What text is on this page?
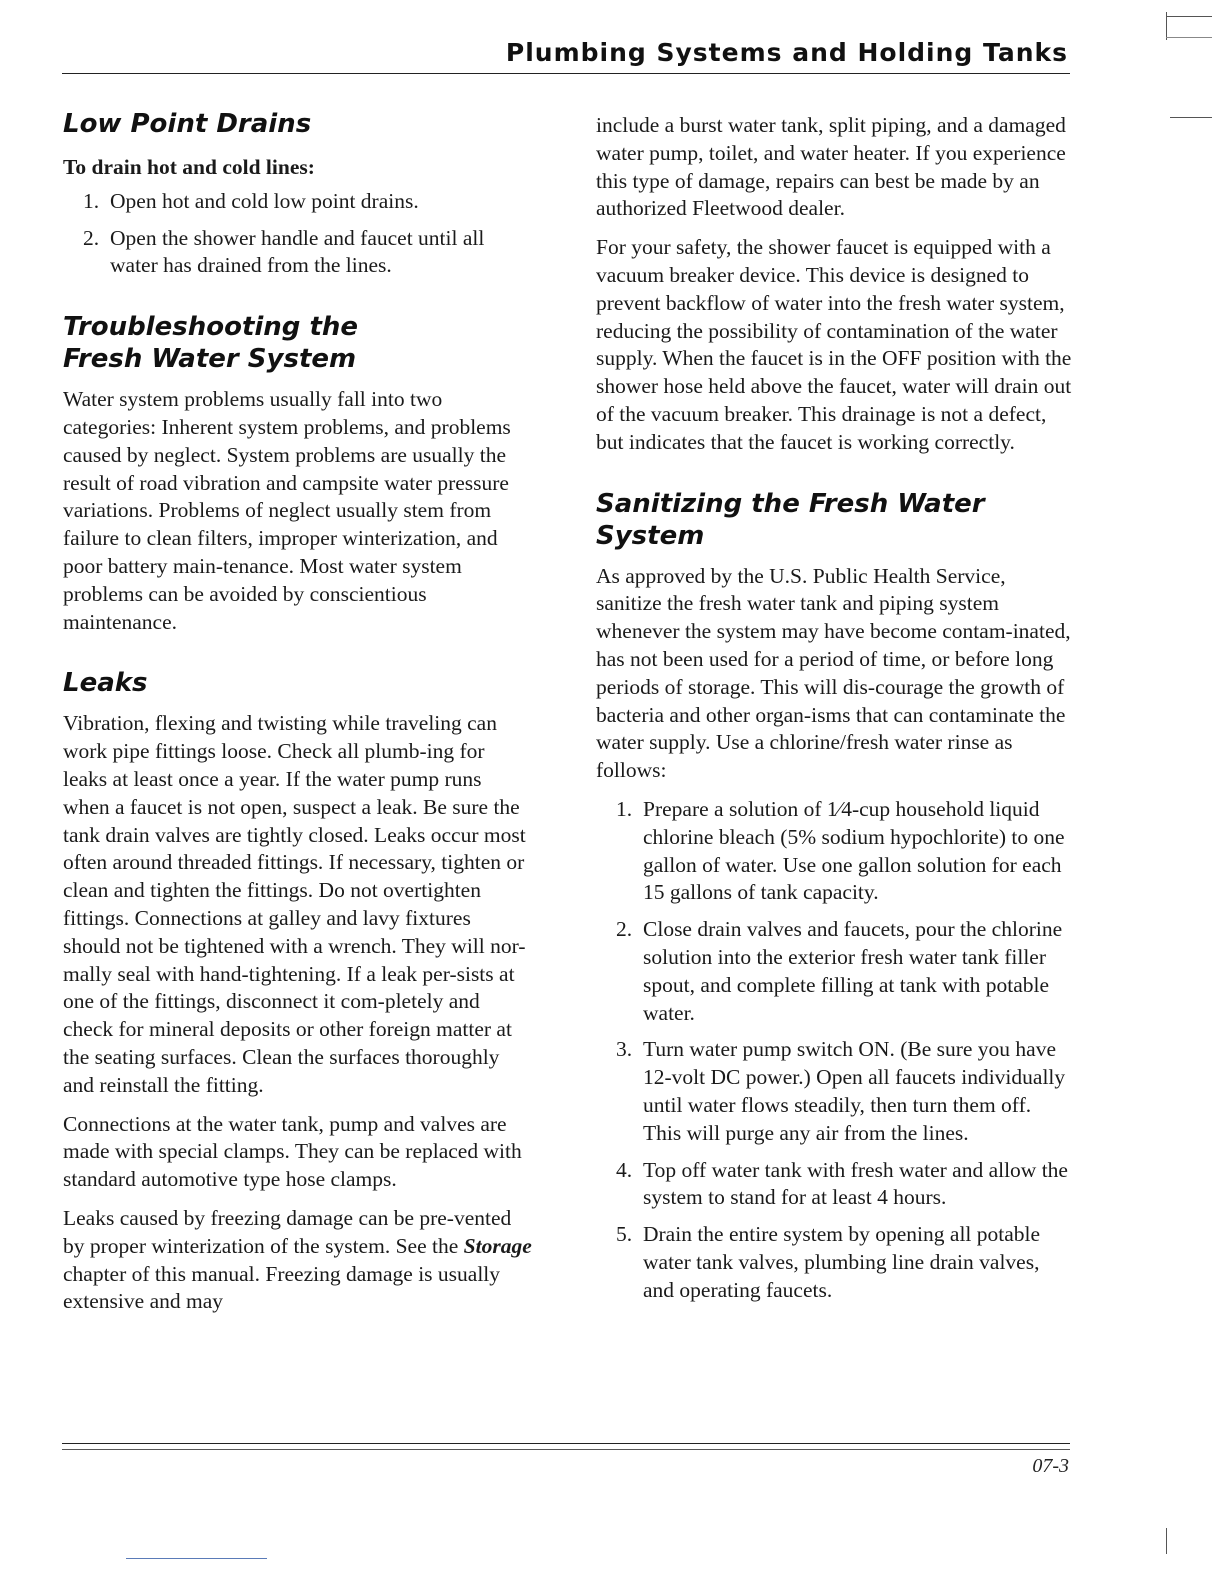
Plumbing Systems and Holding Tanks
Low Point Drains
To drain hot and cold lines:
1. Open hot and cold low point drains.
2. Open the shower handle and faucet until all water has drained from the lines.
Troubleshooting the
Fresh Water System

Water system problems usually fall into two categories: Inherent system problems, and problems caused by neglect. System problems are usually the result of road vibration and campsite water pressure variations. Problems of neglect usually stem from failure to clean filters, improper winterization, and poor battery main-tenance. Most water system problems can be avoided by conscientious maintenance.

Leaks

Vibration, flexing and twisting while traveling can work pipe fittings loose. Check all plumb-ing for leaks at least once a year. If the water pump runs when a faucet is not open, suspect a leak. Be sure the tank drain valves are tightly closed. Leaks occur most often around threaded fittings. If necessary, tighten or clean and tighten the fittings. Do not overtighten fittings. Connections at galley and lavy fixtures should not be tightened with a wrench. They will nor-mally seal with hand-tightening. If a leak per-sists at one of the fittings, disconnect it com-pletely and check for mineral deposits or other foreign matter at the seating surfaces. Clean the surfaces thoroughly and reinstall the fitting.

Connections at the water tank, pump and valves are made with special clamps. They can be replaced with standard automotive type hose clamps.

Leaks caused by freezing damage can be pre-vented by proper winterization of the system. See the Storage chapter of this manual. Freezing damage is usually extensive and may

include a burst water tank, split piping, and a damaged water pump, toilet, and water heater. If you experience this type of damage, repairs can best be made by an authorized Fleetwood dealer.

For your safety, the shower faucet is equipped with a vacuum breaker device. This device is designed to prevent backflow of water into the fresh water system, reducing the possibility of contamination of the water supply. When the faucet is in the OFF position with the shower hose held above the faucet, water will drain out of the vacuum breaker. This drainage is not a defect, but indicates that the faucet is working correctly.

Sanitizing the Fresh Water System

As approved by the U.S. Public Health Service, sanitize the fresh water tank and piping system whenever the system may have become contam-inated, has not been used for a period of time, or before long periods of storage. This will dis-courage the growth of bacteria and other organ-isms that can contaminate the water supply. Use a chlorine/fresh water rinse as follows:

1. Prepare a solution of 1⁄4-cup household liquid chlorine bleach (5% sodium hypochlorite) to one gallon of water. Use one gallon solution for each 15 gallons of tank capacity.
2. Close drain valves and faucets, pour the chlorine solution into the exterior fresh water tank filler spout, and complete filling at tank with potable water.
3. Turn water pump switch ON. (Be sure you have 12-volt DC power.) Open all faucets individually until water flows steadily, then turn them off. This will purge any air from the lines.
4. Top off water tank with fresh water and allow the system to stand for at least 4 hours.
5. Drain the entire system by opening all potable water tank valves, plumbing line drain valves, and operating faucets.
07-3
